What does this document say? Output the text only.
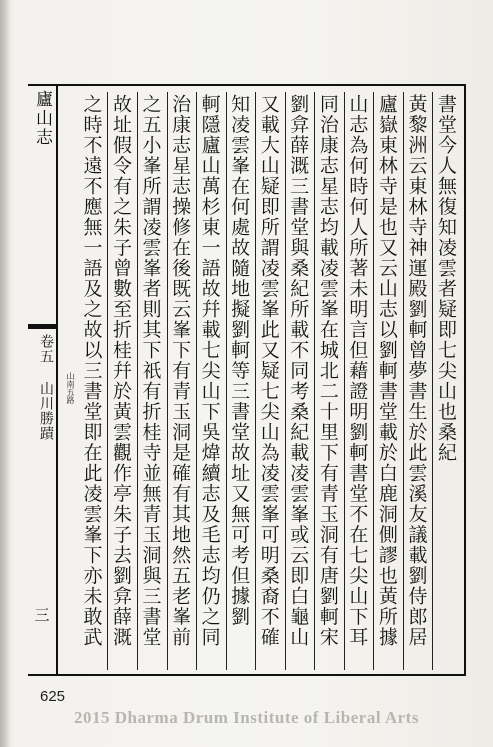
廬山志
卷五 山川勝蹟
三
山南五路	書堂今人無復知凌雲者疑即七尖山也桑紀
黃黎洲云東林寺神運殿劉軻曾夢書生於此雲溪友議載劉侍郎居
廬嶽東林寺是也又云山志以劉軻書堂載於白鹿洞側謬也黃所據
山志為何時何人所著未明言但藉證明劉軻書堂不在七尖山下耳
同治康志星志均載凌雲峯在城北二十里下有青玉洞有唐劉軻宋
劉弇薛溉三書堂與桑紀所載不同考桑紀載凌雲峯或云即白龜山
又載大山疑即所謂凌雲峯此又疑七尖山為凌雲峯可明桑裔不確
知凌雲峯在何處故隨地擬劉軻等三書堂故址又無可考但據劉
軻隱廬山萬杉東一語故幷載七尖山下吳煒續志及毛志均仍之同
治康志星志操修在後既云峯下有青玉洞是確有其地然五老峯前
之五小峯所謂凌雲峯者則其下祇有折桂寺並無青玉洞與三書堂
故址假令有之朱子曾數至折桂幷於黃雲觀作亭朱子去劉弇薛溉
之時不遠不應無一語及之故以三書堂即在此凌雲峯下亦未敢武
625
2015 Dharma Drum Institute of Liberal Arts
